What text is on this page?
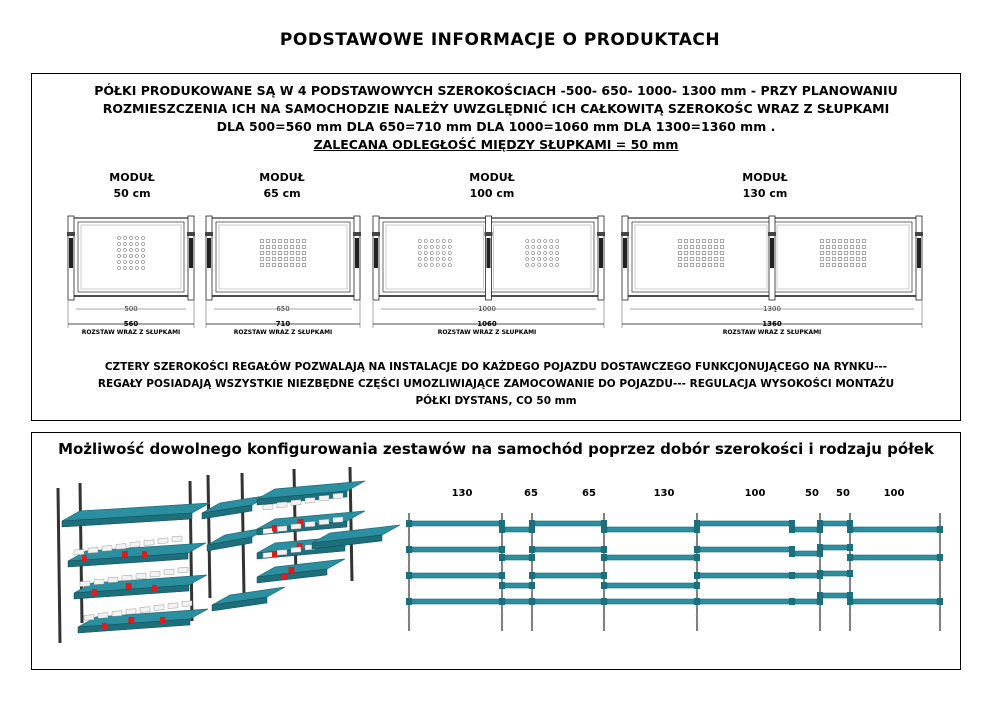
PODSTAWOWE INFORMACJE O PRODUKTACH
PÓŁKI PRODUKOWANE SĄ W 4 PODSTAWOWYCH SZEROKOŚCIACH -500- 650- 1000- 1300 mm - PRZY PLANOWANIU
ROZMIESZCZENIA ICH NA SAMOCHODZIE NALEŻY UWZGLĘDNIĆ ICH CAŁKOWITĄ SZEROKOŚC WRAZ Z SŁUPKAMI
DLA 500=560 mm DLA 650=710 mm DLA 1000=1060 mm DLA 1300=1360 mm .
ZALECANA ODLEGŁOŚĆ MIĘDZY SŁUPKAMI = 50 mm
MODUŁ
50 cm
MODUŁ
65 cm
MODUŁ
100 cm
MODUŁ
130 cm
500
560
ROZSTAW WRAZ Z SŁUPKAMI
650
710
ROZSTAW WRAZ Z SŁUPKAMI
1000
1060
ROZSTAW WRAZ Z SŁUPKAMI
1300
1360
ROZSTAW WRAZ Z SŁUPKAMI
CZTERY SZEROKOŚCI REGAŁÓW POZWALAJĄ NA INSTALACJE DO KAŻDEGO POJAZDU DOSTAWCZEGO FUNKCJONUJĄCEGO NA RYNKU---
REGAŁY POSIADAJĄ WSZYSTKIE NIEZBĘDNE CZĘŚCI UMOZLIWIAJĄCE ZAMOCOWANIE DO POJAZDU--- REGULACJA WYSOKOŚCI MONTAŻU
PÓŁKI DYSTANS, CO 50 mm
Możliwość dowolnego konfigurowania zestawów na samochód poprzez dobór szerokości i rodzaju półek
130	65	65	130	100	50	50	100
